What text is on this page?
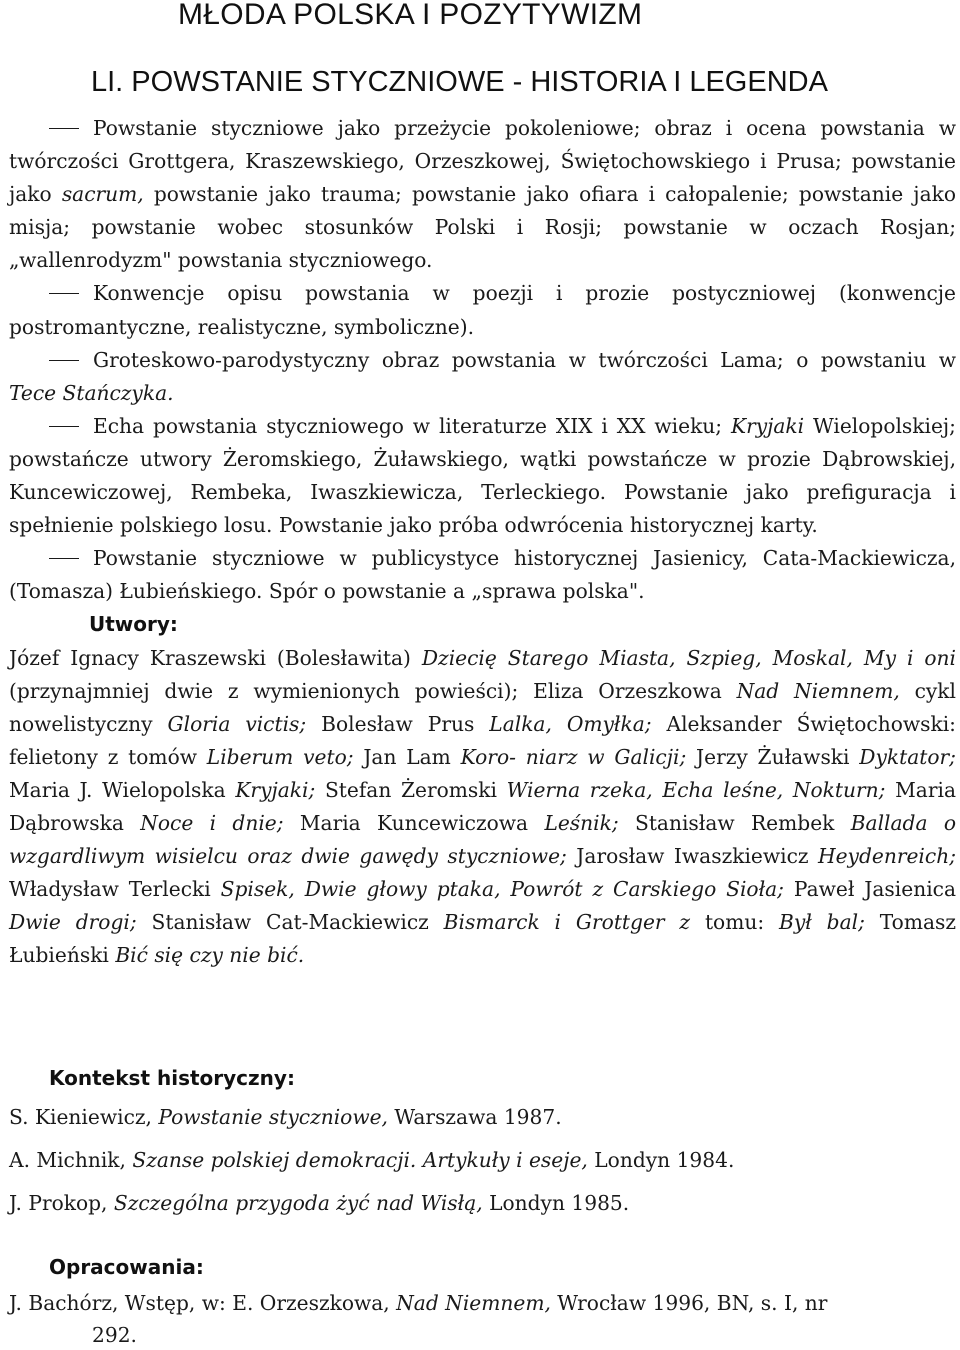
MŁODA POLSKA I POZYTYWIZM
LI. POWSTANIE STYCZNIOWE - HISTORIA I LEGENDA

Powstanie styczniowe jako przeżycie pokoleniowe; obraz i ocena powstania w twórczości Grottgera, Kraszewskiego, Orzeszkowej, Świętochowskiego i Prusa; powstanie jako sacrum, powstanie jako trauma; powstanie jako ofiara i całopalenie; powstanie jako misja; powstanie wobec stosunków Polski i Rosji; powstanie w oczach Rosjan; „wallenrodyzm" powstania styczniowego.

Konwencje opisu powstania w poezji i prozie postyczniowej (konwencje postromantyczne, realistyczne, symboliczne).

Groteskowo-parodystyczny obraz powstania w twórczości Lama; o powstaniu w Tece Stańczyka.

Echa powstania styczniowego w literaturze XIX i XX wieku; Kryjaki Wielopolskiej; powstańcze utwory Żeromskiego, Żuławskiego, wątki powstańcze w prozie Dąbrowskiej, Kuncewiczowej, Rembeka, Iwaszkiewicza, Terleckiego. Powstanie jako prefiguracja i spełnienie polskiego losu. Powstanie jako próba odwrócenia historycznej karty.

Powstanie styczniowe w publicystyce historycznej Jasienicy, Cata-Mackiewicza, (Tomasza) Łubieńskiego. Spór o powstanie a „sprawa polska".

Utwory:

Józef Ignacy Kraszewski (Bolesławita) Dziecię Starego Miasta, Szpieg, Moskal, My i oni (przynajmniej dwie z wymienionych powieści); Eliza Orzeszkowa Nad Niemnem, cykl nowelistyczny Gloria victis; Bolesław Prus Lalka, Omyłka; Aleksander Świętochowski: felietony z tomów Liberum veto; Jan Lam Koro- niarz w Galicji; Jerzy Żuławski Dyktator; Maria J. Wielopolska Kryjaki; Stefan Żeromski Wierna rzeka, Echa leśne, Nokturn; Maria Dąbrowska Noce i dnie; Maria Kuncewiczowa Leśnik; Stanisław Rembek Ballada o wzgardliwym wisielcu oraz dwie gawędy styczniowe; Jarosław Iwaszkiewicz Heydenreich; Władysław Terlecki Spisek, Dwie głowy ptaka, Powrót z Carskiego Sioła; Paweł Jasienica Dwie drogi; Stanisław Cat-Mackiewicz Bismarck i Grottger z tomu: Był bal; Tomasz Łubieński Bić się czy nie bić.

Kontekst historyczny:
S. Kieniewicz, Powstanie styczniowe, Warszawa 1987.
A. Michnik, Szanse polskiej demokracji. Artykuły i eseje, Londyn 1984.
J. Prokop, Szczególna przygoda żyć nad Wisłą, Londyn 1985.
Opracowania:
J. Bachórz, Wstęp, w: E. Orzeszkowa, Nad Niemnem, Wrocław 1996, BN, s. I, nr
292.
